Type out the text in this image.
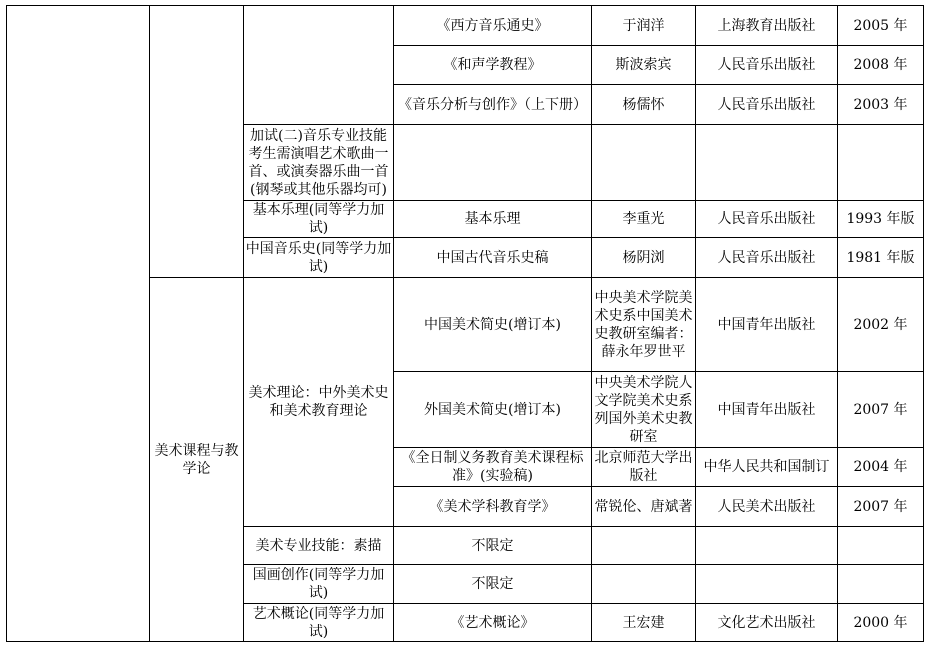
			《西方音乐通史》	于润洋	上海教育出版社	2005 年
			《和声学教程》	斯波索宾	人民音乐出版社	2008 年
			《音乐分析与创作》（上下册）	杨儒怀	人民音乐出版社	2003 年
		加试(二)音乐专业技能考生需演唱艺术歌曲一首、或演奏器乐曲一首(钢琴或其他乐器均可)				
		基本乐理(同等学力加试)	基本乐理	李重光	人民音乐出版社	1993 年版
		中国音乐史(同等学力加试)	中国古代音乐史稿	杨阴浏	人民音乐出版社	1981 年版
	美术课程与教学论	美术理论：中外美术史和美术教育理论	中国美术简史(增订本)	中央美术学院美术史系中国美术史教研室编者：薛永年罗世平	中国青年出版社	2002 年
			外国美术简史(增订本)	中央美术学院人文学院美术史系列国外美术史教研室	中国青年出版社	2007 年
			《全日制义务教育美术课程标准》(实验稿)	北京师范大学出版社	中华人民共和国制订	2004 年
			《美术学科教育学》	常锐伦、唐斌著	人民美术出版社	2007 年
		美术专业技能：素描	不限定			
		国画创作(同等学力加试)	不限定			
		艺术概论(同等学力加试)	《艺术概论》	王宏建	文化艺术出版社	2000 年
